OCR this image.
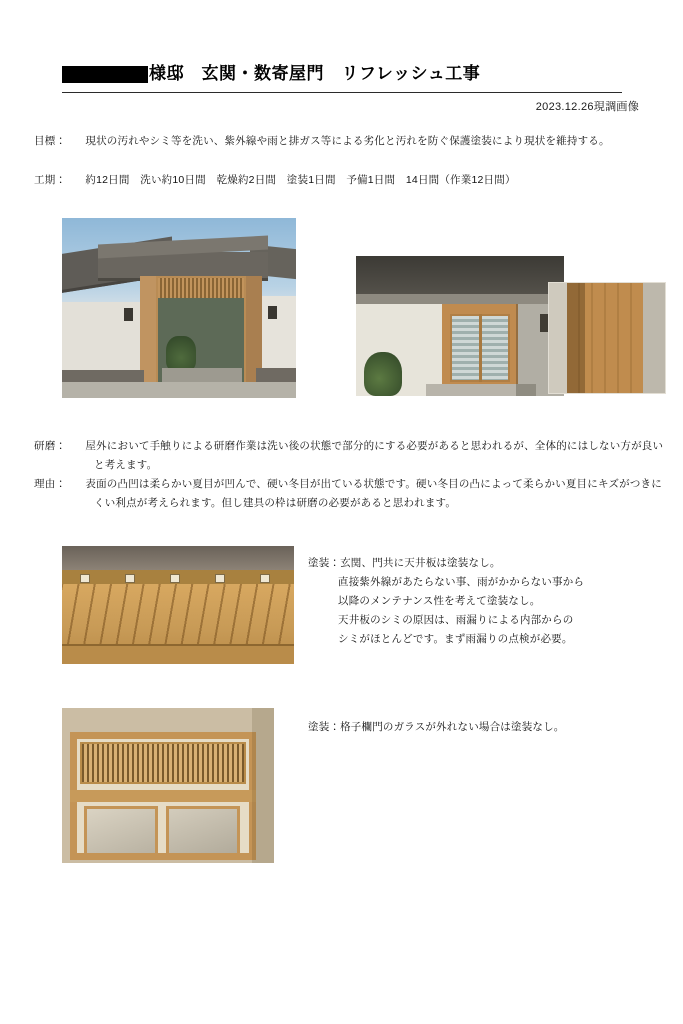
様邸　玄関・数寄屋門　リフレッシュ工事
2023.12.26現調画像
目標： 現状の汚れやシミ等を洗い、紫外線や雨と排ガス等による劣化と汚れを防ぐ保護塗装により現状を維持する。
工期： 約12日間　洗い約10日間　乾燥約2日間　塗装1日間　予備1日間　14日間（作業12日間）
研磨： 屋外において手触りによる研磨作業は洗い後の状態で部分的にする必要があると思われるが、全体的にはしない方が良いと考えます。
理由： 表面の凸凹は柔らかい夏目が凹んで、硬い冬目が出ている状態です。硬い冬目の凸によって柔らかい夏目にキズがつきにくい利点が考えられます。但し建具の枠は研磨の必要があると思われます。
塗装：玄関、門共に天井板は塗装なし。
直接紫外線があたらない事、雨がかからない事から
以降のメンテナンス性を考えて塗装なし。
天井板のシミの原因は、雨漏りによる内部からの
シミがほとんどです。まず雨漏りの点検が必要。
塗装：格子欄門のガラスが外れない場合は塗装なし。
